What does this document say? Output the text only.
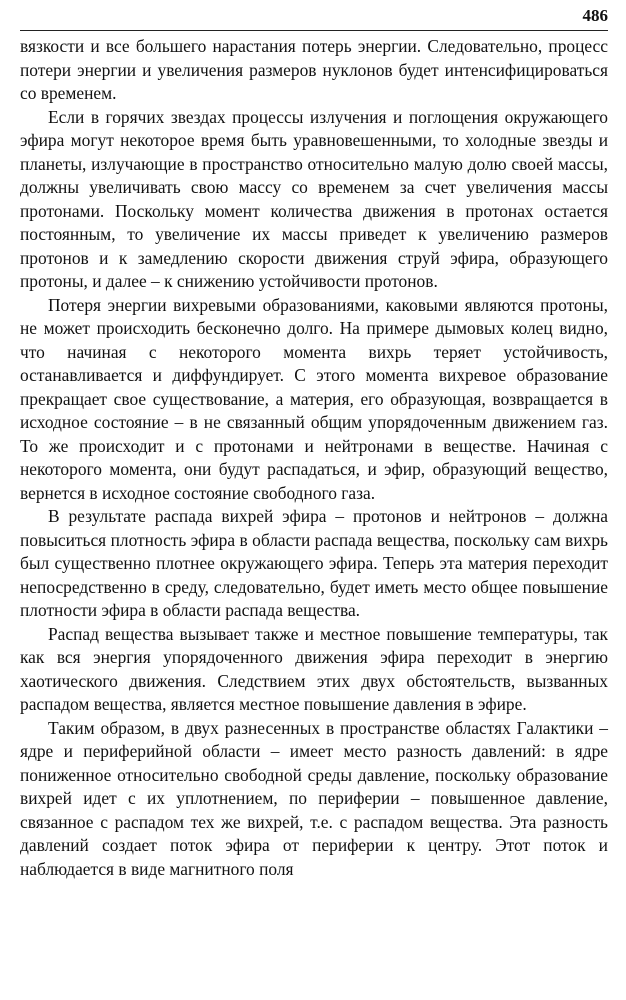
486

вязкости и все большего нарастания потерь энергии. Следовательно, процесс потери энергии и увеличения размеров нуклонов будет интенсифицироваться со временем.

Если в горячих звездах процессы излучения и поглощения окружающего эфира могут некоторое время быть уравновешенными, то холодные звезды и планеты, излучающие в пространство относительно малую долю своей массы, должны увеличивать свою массу со временем за счет увеличения массы протонами. Поскольку момент количества движения в протонах остается постоянным, то увеличение их массы приведет к увеличению размеров протонов и к замедлению скорости движения струй эфира, образующего протоны, и далее – к снижению устойчивости протонов.

Потеря энергии вихревыми образованиями, каковыми являются протоны, не может происходить бесконечно долго. На примере дымовых колец видно, что начиная с некоторого момента вихрь теряет устойчивость, останавливается и диффундирует. С этого момента вихревое образование прекращает свое существование, а материя, его образующая, возвращается в исходное состояние – в не связанный общим упорядоченным движением газ. То же происходит и с протонами и нейтронами в веществе. Начиная с некоторого момента, они будут распадаться, и эфир, образующий вещество, вернется в исходное состояние свободного газа.

В результате распада вихрей эфира – протонов и нейтронов – должна повыситься плотность эфира в области распада вещества, поскольку сам вихрь был существенно плотнее окружающего эфира. Теперь эта материя переходит непосредственно в среду, следовательно, будет иметь место общее повышение плотности эфира в области распада вещества.

Распад вещества вызывает также и местное повышение температуры, так как вся энергия упорядоченного движения эфира переходит в энергию хаотического движения. Следствием этих двух обстоятельств, вызванных распадом вещества, является местное повышение давления в эфире.

Таким образом, в двух разнесенных в пространстве областях Галактики – ядре и периферийной области – имеет место разность давлений: в ядре пониженное относительно свободной среды давление, поскольку образование вихрей идет с их уплотнением, по периферии – повышенное давление, связанное с распадом тех же вихрей, т.е. с распадом вещества. Эта разность давлений создает поток эфира от периферии к центру. Этот поток и наблюдается в виде магнитного поля
